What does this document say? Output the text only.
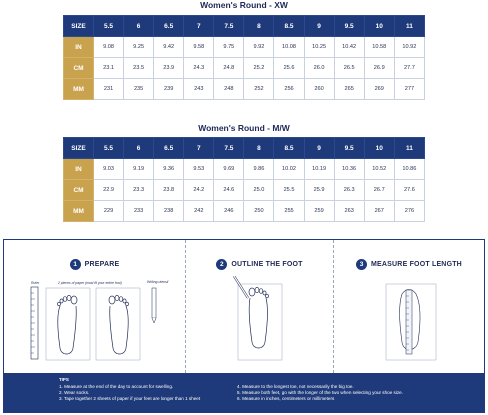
Women's Round - XW
SIZE	5.5	6	6.5	7	7.5	8	8.5	9	9.5	10	11
IN	9.08	9.25	9.42	9.58	9.75	9.92	10.08	10.25	10.42	10.58	10.92
CM	23.1	23.5	23.9	24.3	24.8	25.2	25.6	26.0	26.5	26.9	27.7
MM	231	235	239	243	248	252	256	260	265	269	277
Women's Round - M/W
SIZE	5.5	6	6.5	7	7.5	8	8.5	9	9.5	10	11
IN	9.03	9.19	9.36	9.53	9.69	9.86	10.02	10.19	10.36	10.52	10.86
CM	22.9	23.3	23.8	24.2	24.6	25.0	25.5	25.9	26.3	26.7	27.6
MM	229	233	238	242	246	250	255	259	263	267	276
1	PREPARE
Ruler	2 pieces of paper (must fit your entire foot)	Writing utensil
2	OUTLINE THE FOOT	3	MEASURE FOOT LENGTH
TIPS
1. Measure at the end of the day to account for swelling.
2. Wear socks.
3. Tape together 2 sheets of paper if your feet are longer than 1 sheet
4. Measure to the longest toe, not necessarily the big toe.
5. Measure both feet, go with the longer of the two when selecting your shoe size.
6. Measure in inches, centimeters or millimeters
